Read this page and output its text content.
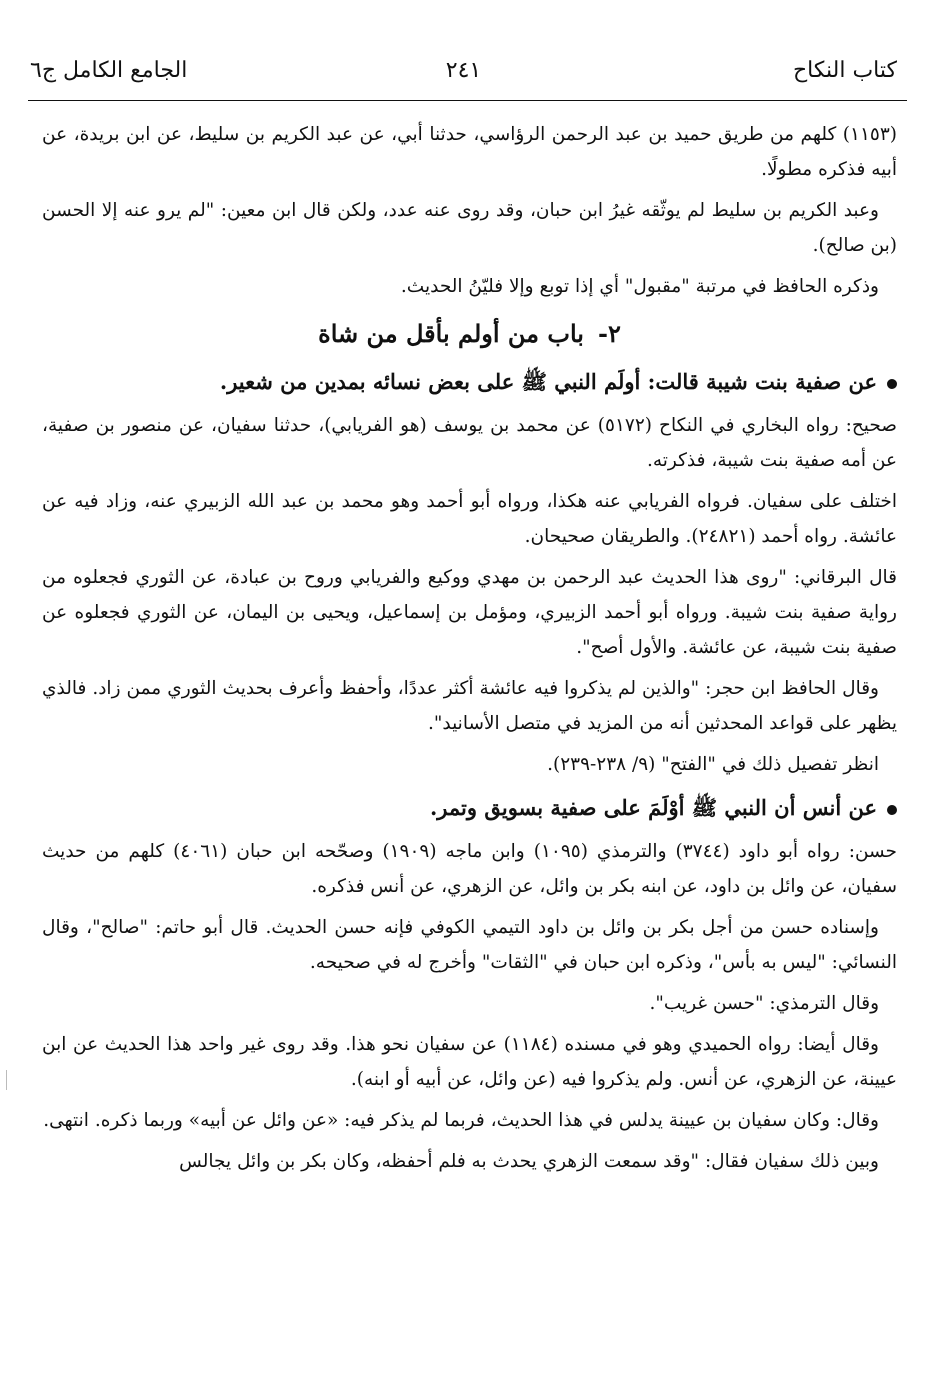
كتاب النكاح
٢٤١
الجامع الكامل ج٦

(١١٥٣) كلهم من طريق حميد بن عبد الرحمن الرؤاسي، حدثنا أبي، عن عبد الكريم بن سليط، عن ابن بريدة، عن أبيه فذكره مطولًا.

وعبد الكريم بن سليط لم يوثّقه غيرُ ابن حبان، وقد روى عنه عدد، ولكن قال ابن معين: "لم يرو عنه إلا الحسن (بن صالح).

وذكره الحافظ في مرتبة "مقبول" أي إذا توبع وإلا فليّنُ الحديث.

٢-باب من أولم بأقل من شاة

عن صفية بنت شيبة قالت: أولَم النبي ﷺ على بعض نسائه بمدين من شعير.

صحيح: رواه البخاري في النكاح (٥١٧٢) عن محمد بن يوسف (هو الفريابي)، حدثنا سفيان، عن منصور بن صفية، عن أمه صفية بنت شيبة، فذكرته.

اختلف على سفيان. فرواه الفريابي عنه هكذا، ورواه أبو أحمد وهو محمد بن عبد الله الزبيري عنه، وزاد فيه عن عائشة. رواه أحمد (٢٤٨٢١). والطريقان صحيحان.

قال البرقاني: "روى هذا الحديث عبد الرحمن بن مهدي ووكيع والفريابي وروح بن عبادة، عن الثوري فجعلوه من رواية صفية بنت شيبة. ورواه أبو أحمد الزبيري، ومؤمل بن إسماعيل، ويحيى بن اليمان، عن الثوري فجعلوه عن صفية بنت شيبة، عن عائشة. والأول أصح".

وقال الحافظ ابن حجر: "والذين لم يذكروا فيه عائشة أكثر عددًا، وأحفظ وأعرف بحديث الثوري ممن زاد. فالذي يظهر على قواعد المحدثين أنه من المزيد في متصل الأسانيد".

انظر تفصيل ذلك في "الفتح" (٩/ ٢٣٨-٢٣٩).

عن أنس أن النبي ﷺ أوْلَمَ على صفية بسويق وتمر.

حسن: رواه أبو داود (٣٧٤٤) والترمذي (١٠٩٥) وابن ماجه (١٩٠٩) وصحّحه ابن حبان (٤٠٦١) كلهم من حديث سفيان، عن وائل بن داود، عن ابنه بكر بن وائل، عن الزهري، عن أنس فذكره.

وإسناده حسن من أجل بكر بن وائل بن داود التيمي الكوفي فإنه حسن الحديث. قال أبو حاتم: "صالح"، وقال النسائي: "ليس به بأس"، وذكره ابن حبان في "الثقات" وأخرج له في صحيحه.

وقال الترمذي: "حسن غريب".

وقال أيضا: رواه الحميدي وهو في مسنده (١١٨٤) عن سفيان نحو هذا. وقد روى غير واحد هذا الحديث عن ابن عيينة، عن الزهري، عن أنس. ولم يذكروا فيه (عن وائل، عن أبيه أو ابنه).

وقال: وكان سفيان بن عيينة يدلس في هذا الحديث، فربما لم يذكر فيه: «عن وائل عن أبيه» وربما ذكره. انتهى.

وبين ذلك سفيان فقال: "وقد سمعت الزهري يحدث به فلم أحفظه، وكان بكر بن وائل يجالس
